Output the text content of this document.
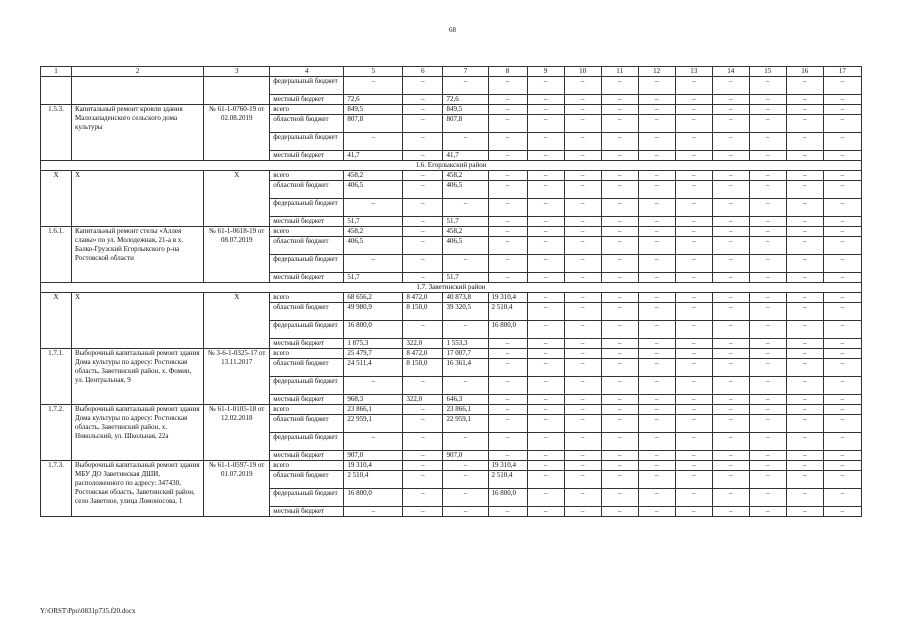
68
1	2	3	4	5	6	7	8	9	10	11	12	13	14	15	16	17
			федеральный бюджет	–	–	–	–	–	–	–	–	–	–	–	–	–
			местный бюджет	72,6	–	72,6	–	–	–	–	–	–	–	–	–	–
1.5.3.	Капитальный ремонт кровли здания Малозападенского сельского дома культуры	№ 61-1-0760-19 от 02.08.2019	всего	849,5	–	849,5	–	–	–	–	–	–	–	–	–	–
			областной бюджет	807,8	–	807,8	–	–	–	–	–	–	–	–	–	–
			федеральный бюджет	–	–	–	–	–	–	–	–	–	–	–	–	–
			местный бюджет	41,7	–	41,7	–	–	–	–	–	–	–	–	–	–
1.6. Егорлыкский район																
Х	Х	Х	всего	458,2	–	458,2	–	–	–	–	–	–	–	–	–	–
			областной бюджет	406,5	–	406,5	–	–	–	–	–	–	–	–	–	–
			федеральный бюджет	–	–	–	–	–	–	–	–	–	–	–	–	–
			местный бюджет	51,7	–	51,7	–	–	–	–	–	–	–	–	–	–
1.6.1.	Капитальный ремонт стелы «Аллея славы» по ул. Молодежная, 21-а в х. Балко-Грузский Егорлыкского р-на Ростовской области	№ 61-1-0618-19 от 08.07.2019	всего	458,2	–	458,2	–	–	–	–	–	–	–	–	–	–
			областной бюджет	406,5	–	406,5	–	–	–	–	–	–	–	–	–	–
			федеральный бюджет	–	–	–	–	–	–	–	–	–	–	–	–	–
			местный бюджет	51,7	–	51,7	–	–	–	–	–	–	–	–	–	–
1.7. Заветинский район																
Х	Х	Х	всего	68 656,2	8 472,0	40 873,8	19 310,4	–	–	–	–	–	–	–	–	–
			областной бюджет	49 980,9	8 150,0	39 320,5	2 510,4	–	–	–	–	–	–	–	–	–
			федеральный бюджет	16 800,0	–	–	16 800,0	–	–	–	–	–	–	–	–	–
			местный бюджет	1 875,3	322,0	1 553,3	–	–	–	–	–	–	–	–	–	–
1.7.1.	Выборочный капитальный ремонт здания Дома культуры по адресу: Ростовская область, Заветинский район, х. Фомин, ул. Центральная, 9	№ 3-6-1-0325-17 от 13.11.2017	всего	25 479,7	8 472,0	17 007,7	–	–	–	–	–	–	–	–	–	–
			областной бюджет	24 511,4	8 150,0	16 361,4	–	–	–	–	–	–	–	–	–	–
			федеральный бюджет	–	–	–	–	–	–	–	–	–	–	–	–	–
			местный бюджет	968,3	322,0	646,3	–	–	–	–	–	–	–	–	–	–
1.7.2.	Выборочный капитальный ремонт здания Дома культуры по адресу: Ростовская область, Заветинский район, х. Никольский, ул. Школьная, 22а	№ 61-1-0105-18 от 12.02.2018	всего	23 866,1	–	23 866,1	–	–	–	–	–	–	–	–	–	–
			областной бюджет	22 959,1	–	22 959,1	–	–	–	–	–	–	–	–	–	–
			федеральный бюджет	–	–	–	–	–	–	–	–	–	–	–	–	–
			местный бюджет	907,0	–	907,0	–	–	–	–	–	–	–	–	–	–
1.7.3.	Выборочный капитальный ремонт здания МБУ ДО Заветинская ДШИ, расположенного по адресу: 347430, Ростовская область, Заветинский район, село Заветное, улица Ломоносова, 1	№ 61-1-0597-19 от 01.07.2019	всего	19 310,4	–	–	19 310,4	–	–	–	–	–	–	–	–	–
			областной бюджет	2 510,4	–	–	2 510,4	–	–	–	–	–	–	–	–	–
			федеральный бюджет	16 800,0	–	–	16 800,0	–	–	–	–	–	–	–	–	–
			местный бюджет	–	–	–	–	–	–	–	–	–	–	–	–	–
Y:\ORST\Ppo\0831p735.f20.docx
